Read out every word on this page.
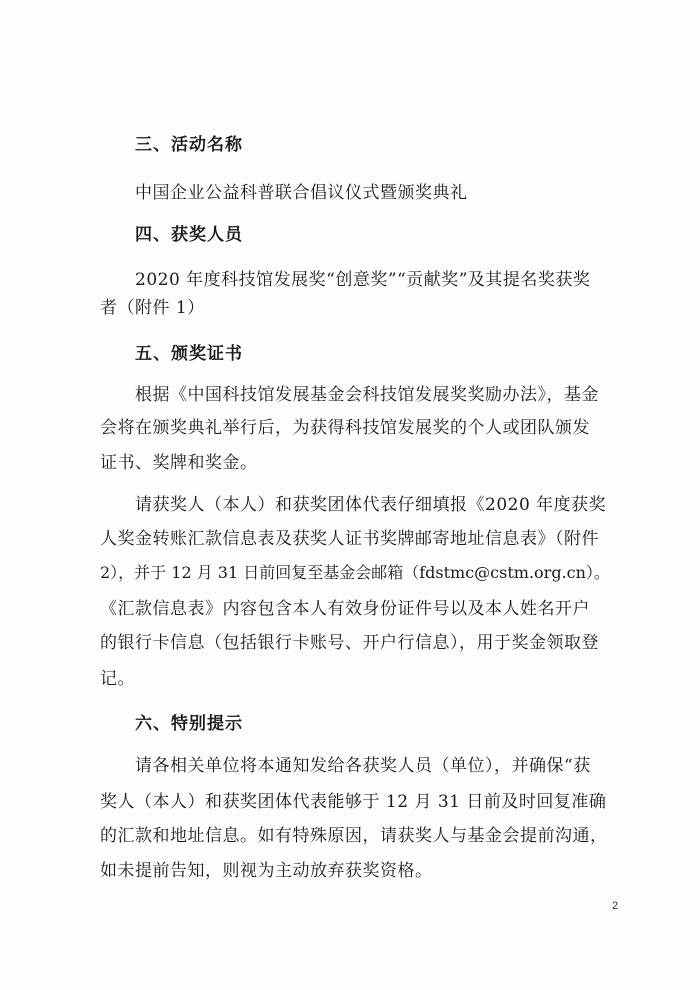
三、活动名称
中国企业公益科普联合倡议仪式暨颁奖典礼
四、获奖人员
2020 年度科技馆发展奖“创意奖”“贡献奖”及其提名奖获奖
者（附件 1）
五、颁奖证书
根据《中国科技馆发展基金会科技馆发展奖奖励办法》，基金
会将在颁奖典礼举行后，为获得科技馆发展奖的个人或团队颁发
证书、奖牌和奖金。
请获奖人（本人）和获奖团体代表仔细填报《2020 年度获奖
人奖金转账汇款信息表及获奖人证书奖牌邮寄地址信息表》（附件
2），并于 12 月 31 日前回复至基金会邮箱（fdstmc@cstm.org.cn）。
《汇款信息表》内容包含本人有效身份证件号以及本人姓名开户
的银行卡信息（包括银行卡账号、开户行信息），用于奖金领取登
记。
六、特别提示
请各相关单位将本通知发给各获奖人员（单位），并确保“获
奖人（本人）和获奖团体代表能够于 12 月 31 日前及时回复准确
的汇款和地址信息。如有特殊原因，请获奖人与基金会提前沟通，
如未提前告知，则视为主动放弃获奖资格。
2
